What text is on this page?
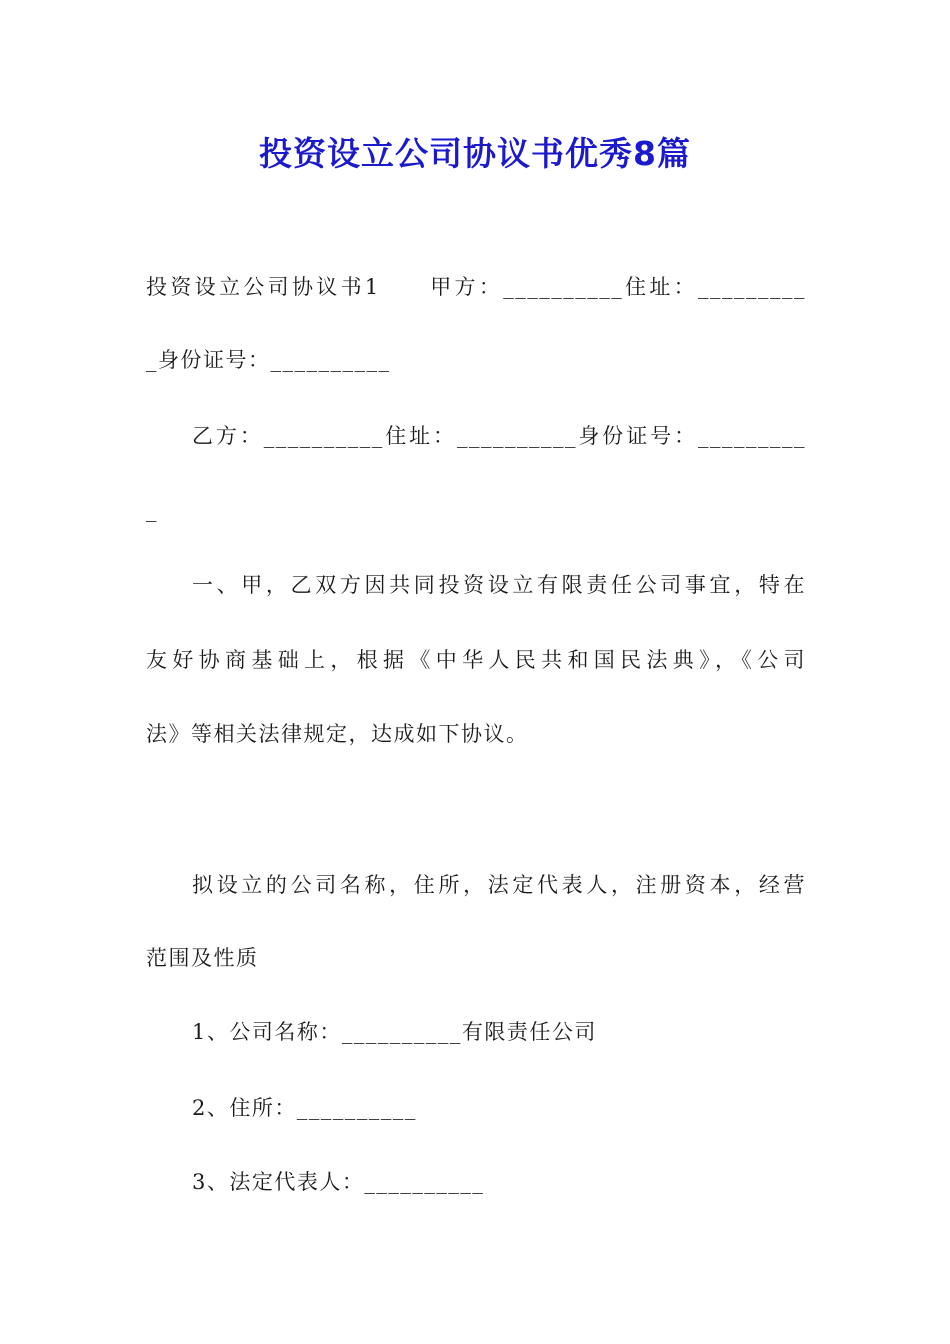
投资设立公司协议书优秀8篇
投资设立公司协议书1　　甲方：__________住址：_________
_身份证号：__________
乙方：__________住址：__________身份证号：_________
_
一、甲，乙双方因共同投资设立有限责任公司事宜，特在
友好协商基础上，根据《中华人民共和国民法典》，《公司
法》等相关法律规定，达成如下协议。
拟设立的公司名称，住所，法定代表人，注册资本，经营
范围及性质
1、公司名称：__________有限责任公司
2、住所：__________
3、法定代表人：__________
